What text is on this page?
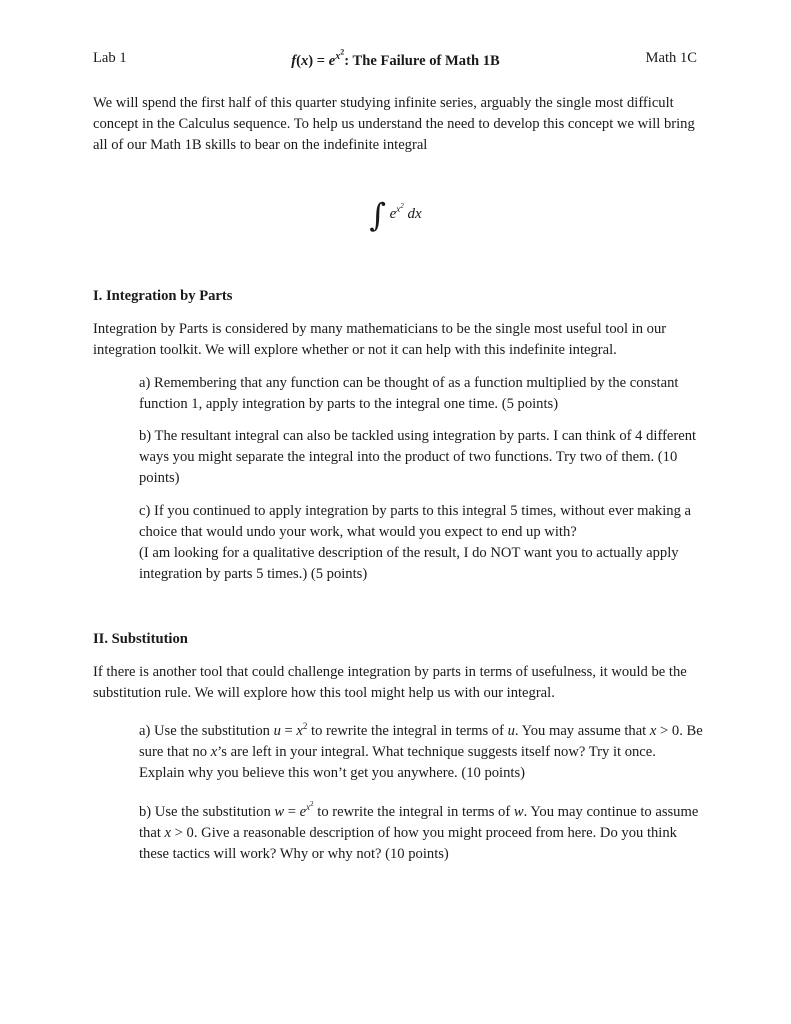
Lab 1	$f(x) = e^{x^2}$: The Failure of Math 1B	Math 1C

We will spend the first half of this quarter studying infinite series, arguably the single most difficult concept in the Calculus sequence. To help us understand the need to develop this concept we will bring all of our Math 1B skills to bear on the indefinite integral

∫ $e^{x^2}$ dx
I. Integration by Parts
Integration by Parts is considered by many mathematicians to be the single most useful tool in our integration toolkit. We will explore whether or not it can help with this indefinite integral.
a) Remembering that any function can be thought of as a function multiplied by the constant function 1, apply integration by parts to the integral one time. (5 points)
b) The resultant integral can also be tackled using integration by parts. I can think of 4 different ways you might separate the integral into the product of two functions. Try two of them. (10 points)
c) If you continued to apply integration by parts to this integral 5 times, without ever making a choice that would undo your work, what would you expect to end up with?
(I am looking for a qualitative description of the result, I do NOT want you to actually apply integration by parts 5 times.) (5 points)
II. Substitution
If there is another tool that could challenge integration by parts in terms of usefulness, it would be the substitution rule. We will explore how this tool might help us with our integral.
a) Use the substitution $u = x^2$ to rewrite the integral in terms of u. You may assume that x > 0. Be sure that no x’s are left in your integral. What technique suggests itself now? Try it once. Explain why you believe this won’t get you anywhere. (10 points)
b) Use the substitution $w = e^{x^2}$ to rewrite the integral in terms of w. You may continue to assume that x > 0. Give a reasonable description of how you might proceed from here. Do you think these tactics will work? Why or why not? (10 points)
